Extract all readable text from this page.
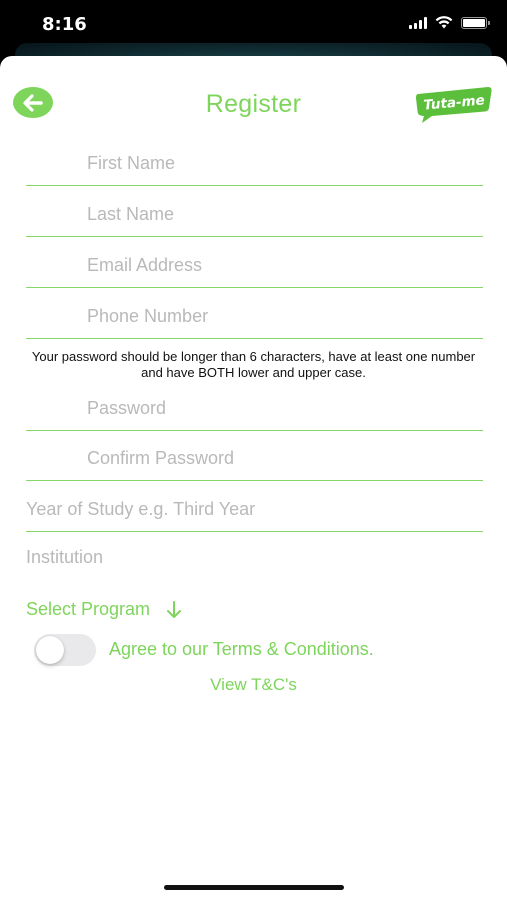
8:16
Register	Tuta-me
First Name
Last Name
Email Address
Phone Number
Your password should be longer than 6 characters, have at least one number and have BOTH lower and upper case.
Year of Study e.g. Third Year
Institution
Select Program
Agree to our Terms & Conditions.
View T&C's
